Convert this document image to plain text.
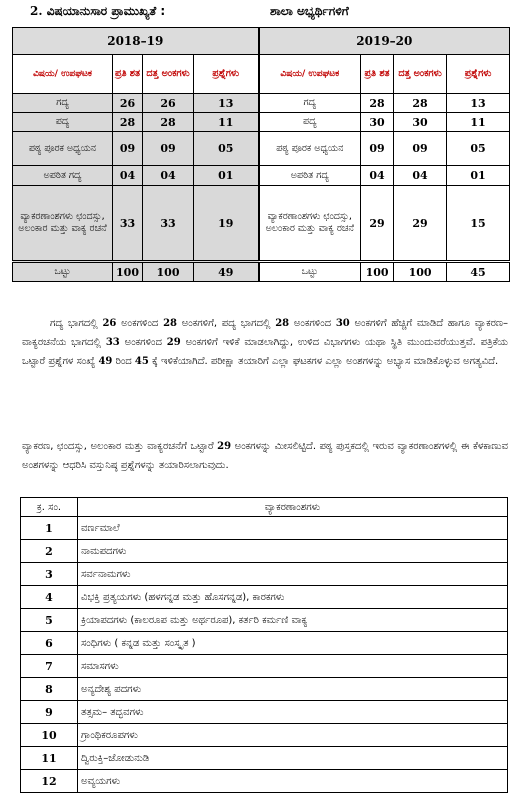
2. ವಿಷಯಾನುಸಾರ ಪ್ರಾಮುಖ್ಯತೆ :	ಶಾಲಾ ಅಭ್ಯರ್ಥಿಗಳಿಗೆ
2018–19				2019–20			
ವಿಷಯ/ ಉಪಘಟಕ	ಪ್ರತಿ ಶತ	ದತ್ತ ಅಂಕಗಳು	ಪ್ರಶ್ನೆಗಳು	ವಿಷಯ/ ಉಪಘಟಕ	ಪ್ರತಿ ಶತ	ದತ್ತ ಅಂಕಗಳು	ಪ್ರಶ್ನೆಗಳು
ಗದ್ಯ	26	26	13	ಗದ್ಯ	28	28	13
ಪದ್ಯ	28	28	11	ಪದ್ಯ	30	30	11
ಪಠ್ಯ ಪೂರಕ ಅಧ್ಯಯನ	09	09	05	ಪಠ್ಯ ಪೂರಕ ಅಧ್ಯಯನ	09	09	05
ಅಪಠಿತ ಗದ್ಯ	04	04	01	ಅಪಠಿತ ಗದ್ಯ	04	04	01
ವ್ಯಾಕರಣಾಂಶಗಳು ಛಂದಸ್ಸು, ಅಲಂಕಾರ ಮತ್ತು ವಾಕ್ಯ ರಚನೆ	33	33	19	ವ್ಯಾಕರಣಾಂಶಗಳು ಛಂದಸ್ಸು, ಅಲಂಕಾರ ಮತ್ತು ವಾಕ್ಯ ರಚನೆ	29	29	15
ಒಟ್ಟು	100	100	49	ಒಟ್ಟು	100	100	45

ಗದ್ಯ ಭಾಗದಲ್ಲಿ 26 ಅಂಕಗಳಿಂದ 28 ಅಂಕಗಳಿಗೆ, ಪದ್ಯ ಭಾಗದಲ್ಲಿ 28 ಅಂಕಗಳಿಂದ 30 ಅಂಕಗಳಿಗೆ ಹೆಚ್ಚಿಗೆ ಮಾಡಿದೆ ಹಾಗೂ ವ್ಯಾಕರಣ–ವಾಕ್ಯರಚನೆಯ ಭಾಗದಲ್ಲಿ 33 ಅಂಕಗಳಿಂದ 29 ಅಂಕಗಳಿಗೆ ಇಳಿಕೆ ಮಾಡಲಾಗಿದ್ದು, ಉಳಿದ ವಿಭಾಗಗಳು ಯಥಾ ಸ್ಥಿತಿ ಮುಂದುವರೆಯುತ್ತವೆ. ಪತ್ರಿಕೆಯ ಒಟ್ಟಾರೆ ಪ್ರಶ್ನೆಗಳ ಸಂಖ್ಯೆ 49 ರಿಂದ 45 ಕ್ಕೆ ಇಳಿಕೆಯಾಗಿದೆ. ಪರೀಕ್ಷಾ ತಯಾರಿಗೆ ಎಲ್ಲಾ ಘಟಕಗಳ ಎಲ್ಲಾ ಅಂಶಗಳನ್ನು ಅಭ್ಯಾಸ ಮಾಡಿಕೊಳ್ಳುವ ಅಗತ್ಯವಿದೆ.

ವ್ಯಾಕರಣ, ಛಂದಸ್ಸು, ಅಲಂಕಾರ ಮತ್ತು ವಾಕ್ಯರಚನೆಗೆ ಒಟ್ಟಾರೆ 29 ಅಂಕಗಳನ್ನು ಮೀಸಲಿಟ್ಟಿದೆ. ಪಠ್ಯ ಪುಸ್ತಕದಲ್ಲಿ ಇರುವ ವ್ಯಾಕರಣಾಂಶಗಳಲ್ಲಿ ಈ ಕೆಳಕಾಣುವ ಅಂಶಗಳನ್ನು ಆಧರಿಸಿ ವಸ್ತುನಿಷ್ಠ ಪ್ರಶ್ನೆಗಳನ್ನು ತಯಾರಿಸಲಾಗುವುದು.

ಕ್ರ. ಸಂ.	ವ್ಯಾಕರಣಾಂಶಗಳು
1	ವರ್ಣಮಾಲೆ
2	ನಾಮಪದಗಳು
3	ಸರ್ವನಾಮಗಳು
4	ವಿಭಕ್ತಿ ಪ್ರತ್ಯಯಗಳು (ಹಳಗನ್ನಡ ಮತ್ತು ಹೊಸಗನ್ನಡ), ಕಾರಕಗಳು
5	ಕ್ರಿಯಾಪದಗಳು (ಕಾಲರೂಪ ಮತ್ತು ಅರ್ಥರೂಪ), ಕರ್ತರಿ ಕರ್ಮಣಿ ವಾಕ್ಯ
6	ಸಂಧಿಗಳು ( ಕನ್ನಡ ಮತ್ತು ಸಂಸ್ಕೃತ )
7	ಸಮಾಸಗಳು
8	ಅನ್ಯದೇಶ್ಯ ಪದಗಳು
9	ತತ್ಸಮ– ತದ್ಭವಗಳು
10	ಗ್ರಾಂಥಿಕರೂಪಗಳು
11	ದ್ವಿರುಕ್ತಿ–ಜೋಡುನುಡಿ
12	ಅವ್ಯಯಗಳು
